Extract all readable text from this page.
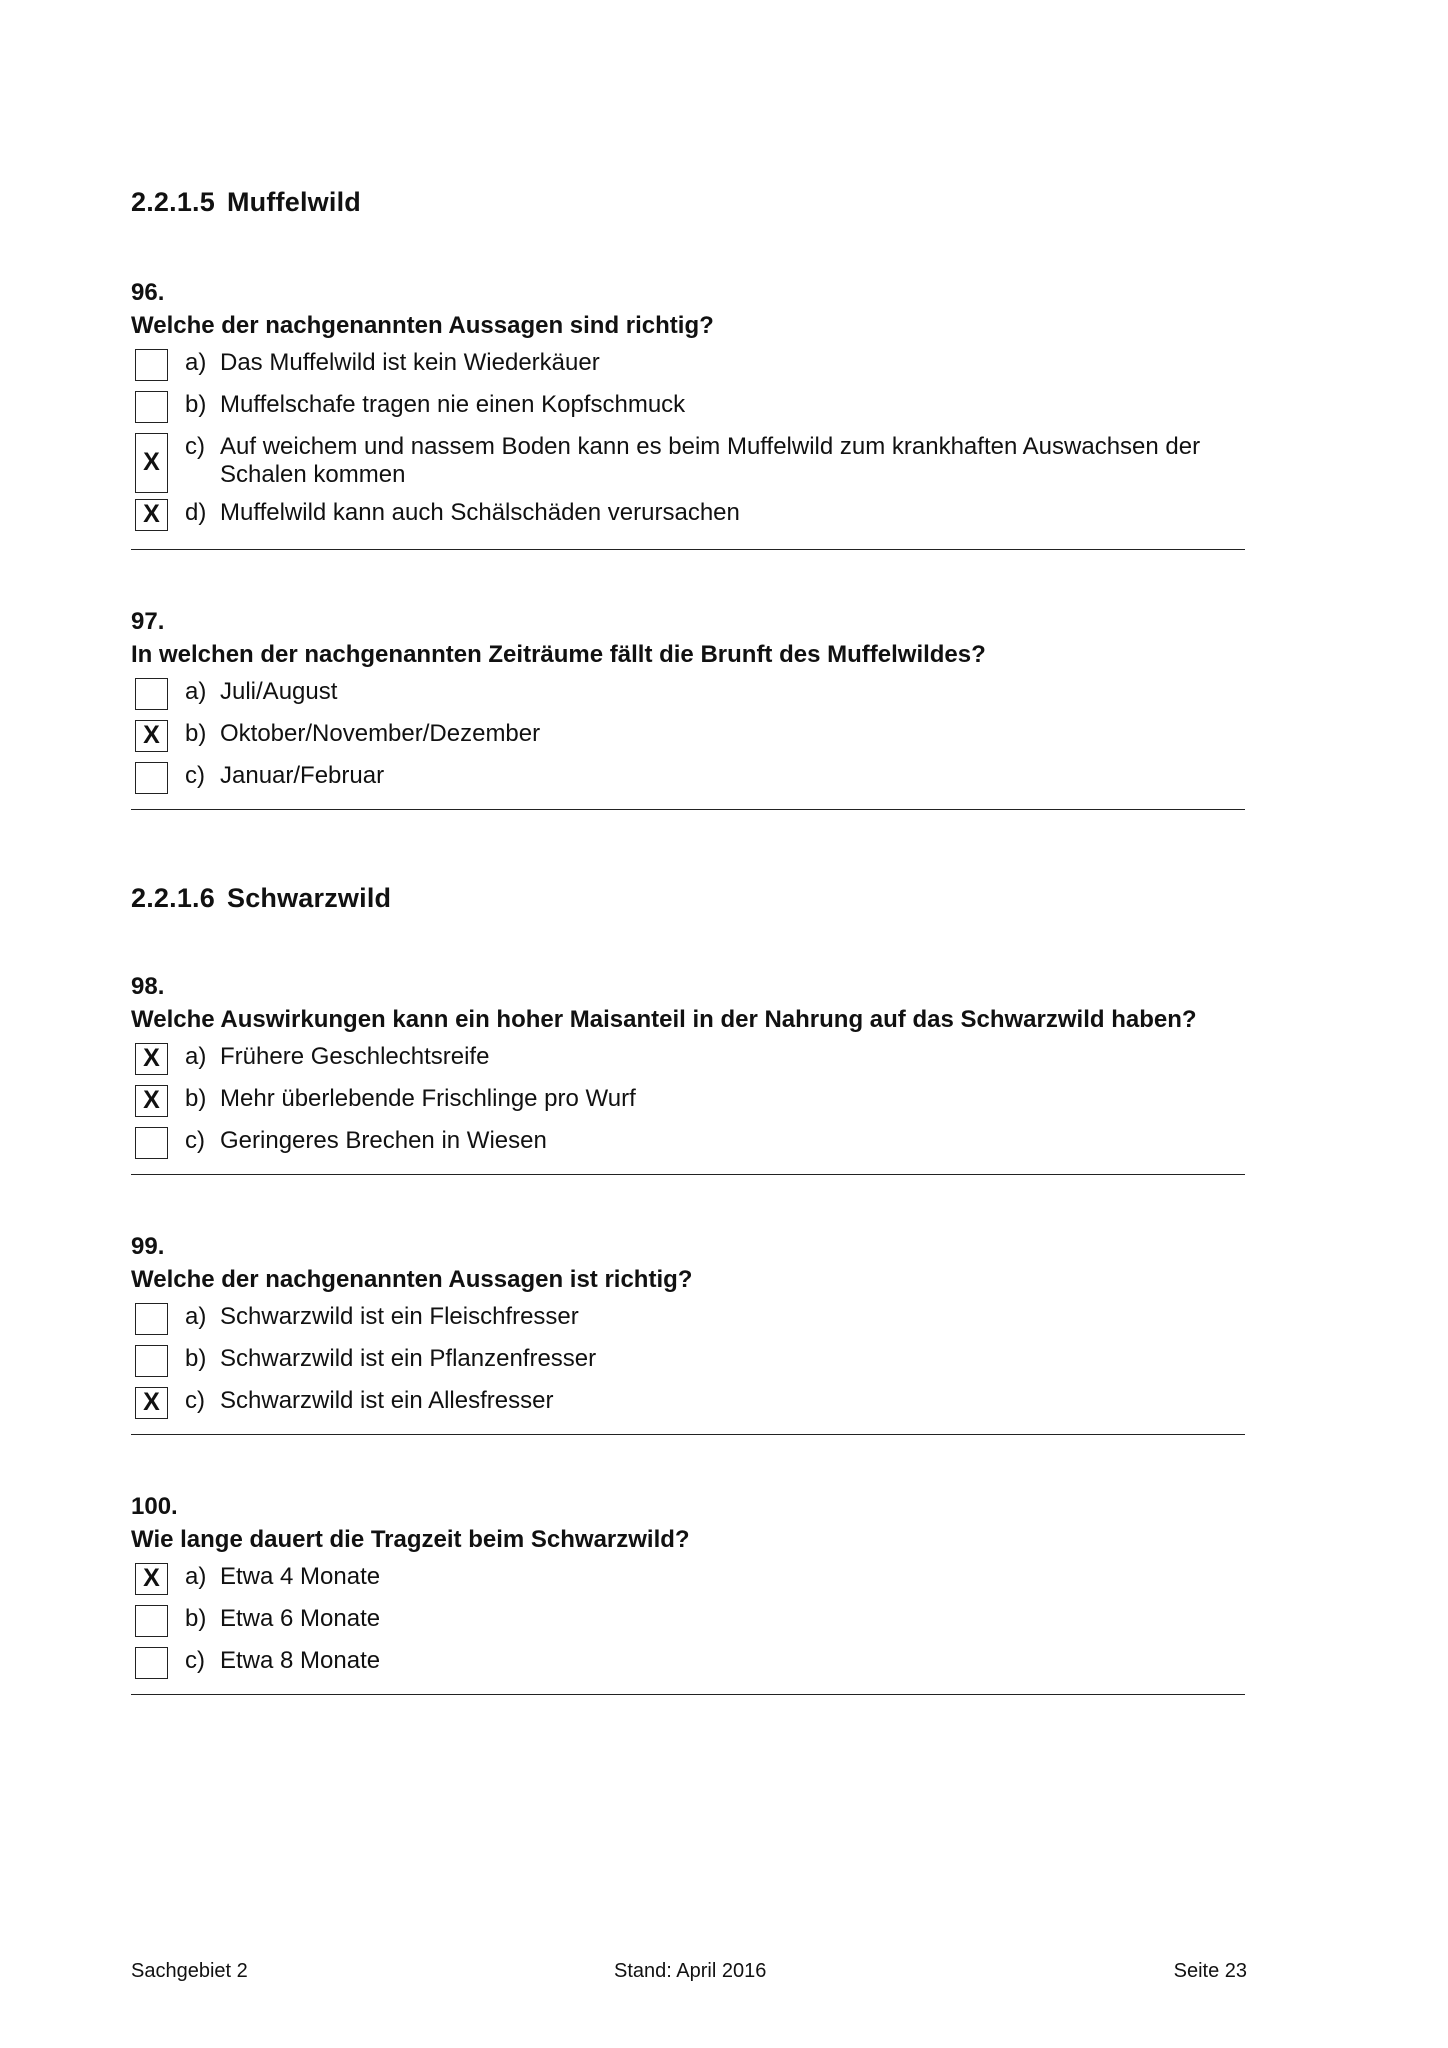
2.2.1.5 Muffelwild
96.
Welche der nachgenannten Aussagen sind richtig?
a) Das Muffelwild ist kein Wiederkäuer
b) Muffelschafe tragen nie einen Kopfschmuck
X
c) Auf weichem und nassem Boden kann es beim Muffelwild zum krankhaften Auswachsen der Schalen kommen
X	d) Muffelwild kann auch Schälschäden verursachen
97.
In welchen der nachgenannten Zeiträume fällt die Brunft des Muffelwildes?
a) Juli/August
X	b) Oktober/November/Dezember
c) Januar/Februar
2.2.1.6 Schwarzwild
98.
Welche Auswirkungen kann ein hoher Maisanteil in der Nahrung auf das Schwarzwild haben?
X	a) Frühere Geschlechtsreife
X	b) Mehr überlebende Frischlinge pro Wurf
c) Geringeres Brechen in Wiesen
99.
Welche der nachgenannten Aussagen ist richtig?
a) Schwarzwild ist ein Fleischfresser
b) Schwarzwild ist ein Pflanzenfresser
X	c) Schwarzwild ist ein Allesfresser
100.
Wie lange dauert die Tragzeit beim Schwarzwild?
X	a) Etwa 4 Monate
b) Etwa 6 Monate
c) Etwa 8 Monate
Sachgebiet 2	Stand: April 2016	Seite 23
